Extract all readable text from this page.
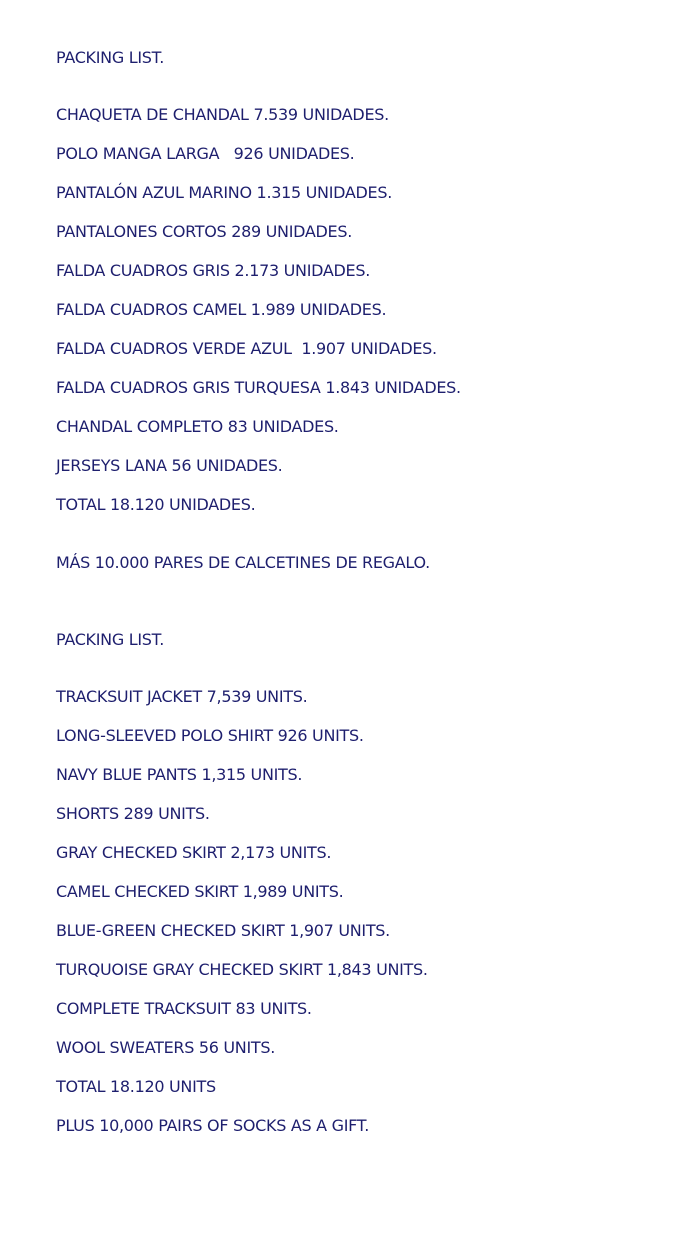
PACKING LIST.

CHAQUETA DE CHANDAL 7.539 UNIDADES.

POLO MANGA LARGA   926 UNIDADES.

PANTALÓN AZUL MARINO 1.315 UNIDADES.

PANTALONES CORTOS 289 UNIDADES.

FALDA CUADROS GRIS 2.173 UNIDADES.

FALDA CUADROS CAMEL 1.989 UNIDADES.

FALDA CUADROS VERDE AZUL  1.907 UNIDADES.

FALDA CUADROS GRIS TURQUESA 1.843 UNIDADES.

CHANDAL COMPLETO 83 UNIDADES.

JERSEYS LANA 56 UNIDADES.

TOTAL 18.120 UNIDADES.

MÁS 10.000 PARES DE CALCETINES DE REGALO.

PACKING LIST.

TRACKSUIT JACKET 7,539 UNITS.

LONG-SLEEVED POLO SHIRT 926 UNITS.

NAVY BLUE PANTS 1,315 UNITS.

SHORTS 289 UNITS.

GRAY CHECKED SKIRT 2,173 UNITS.

CAMEL CHECKED SKIRT 1,989 UNITS.

BLUE-GREEN CHECKED SKIRT 1,907 UNITS.

TURQUOISE GRAY CHECKED SKIRT 1,843 UNITS.

COMPLETE TRACKSUIT 83 UNITS.

WOOL SWEATERS 56 UNITS.

TOTAL 18.120 UNITS

PLUS 10,000 PAIRS OF SOCKS AS A GIFT.
